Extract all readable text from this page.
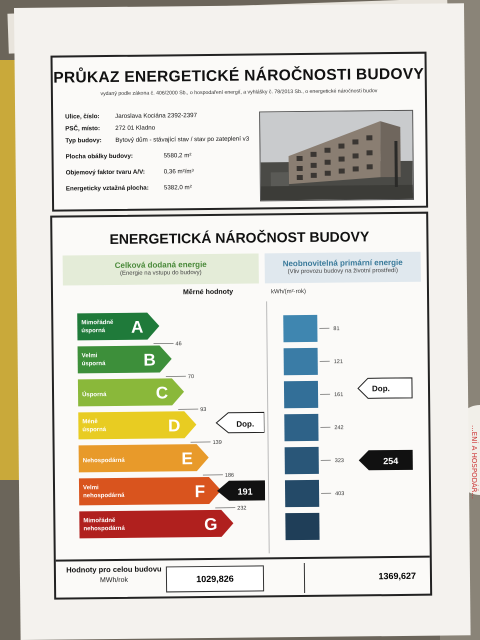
...ENÍ A HOSPODÁŘ...
PRŮKAZ ENERGETICKÉ NÁROČNOSTI BUDOVY
vydaný podle zákona č. 406/2000 Sb., o hospodaření energií, a vyhlášky č. 78/2013 Sb., o energetické náročnosti budov
Ulice, číslo:	Jaroslava Kociána 2392-2397
PSČ, místo: 272 01 Kladno
Typ budovy: Bytový dům - stávající stav / stav po zateplení v3
Plocha obálky budovy:	5580,2 m²
Objemový faktor tvaru A/V:	0,36 m²/m³
Energeticky vztažná plocha: 5382,0 m²
ENERGETICKÁ NÁROČNOST BUDOVY
Celková dodaná energie
(Energie na vstupu do budovy)
Neobnovitelná primární energie
(Vliv provozu budovy na životní prostředí)
Měrné hodnoty	kWh/(m²·rok)
Mimořádně
úsporná A
Velmi
úsporná B
Úsporná	C
Méně
úsporná	D
Nehospodárná	E
Velmi
nehospodárná	F
Mimořádně
nehospodárná	G
46
70
93
139
186
232
Dop.
191
81
121
161
242
323
403
Dop.
254
Hodnoty pro celou budovu
MWh/rok	1029,826	1369,627
